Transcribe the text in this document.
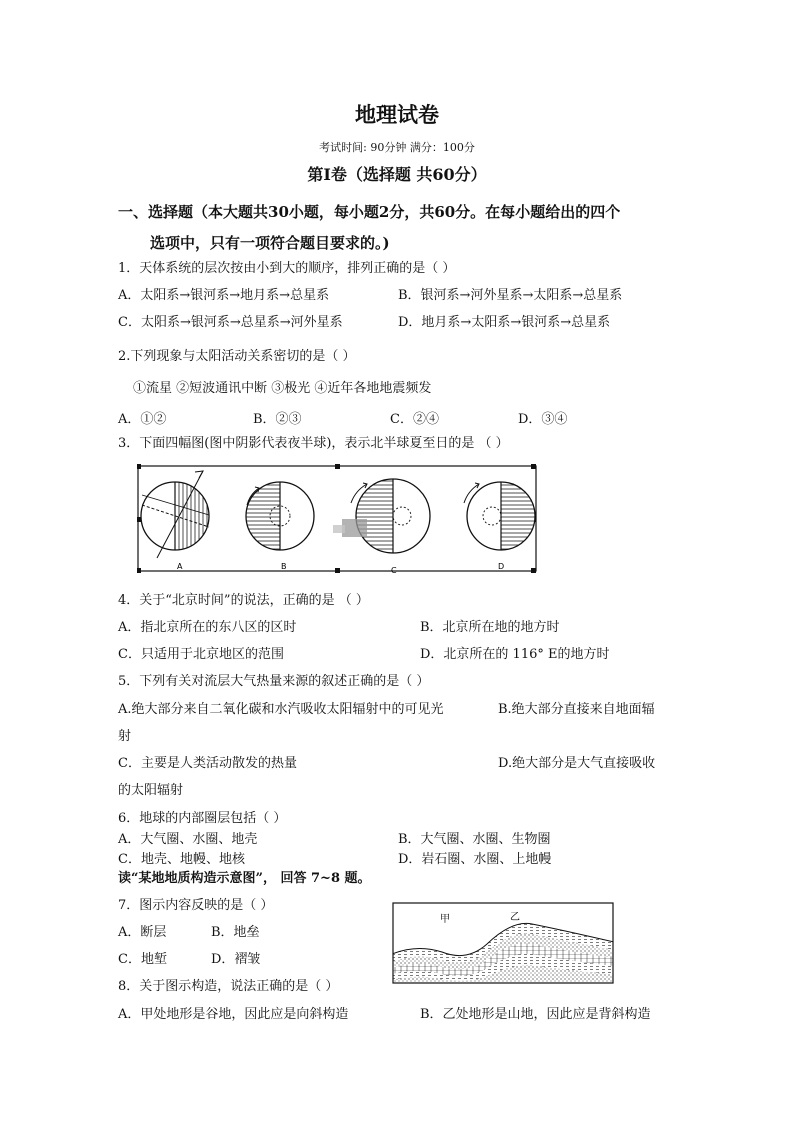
地理试卷
考试时间: 90分钟 满分：100分
第Ⅰ卷（选择题 共60分）
一、选择题（本大题共30小题，每小题2分，共60分。在每小题给出的四个
选项中，只有一项符合题目要求的。)
1．天体系统的层次按由小到大的顺序，排列正确的是（ ）
A．太阳系→银河系→地月系→总星系	B．银河系→河外星系→太阳系→总星系
C．太阳系→银河系→总星系→河外星系	D．地月系→太阳系→银河系→总星系
2.下列现象与太阳活动关系密切的是（ ）
①流星 ②短波通讯中断 ③极光 ④近年各地地震频发
A．①②	B．②③	C．②④	D．③④
3．下面四幅图(图中阴影代表夜半球)，表示北半球夏至日的是 （ ）
A	B	C	D
4．关于“北京时间”的说法，正确的是 （ ）
A．指北京所在的东八区的区时	B．北京所在地的地方时
C．只适用于北京地区的范围	D．北京所在的 116° E的地方时
5．下列有关对流层大气热量来源的叙述正确的是（ ）
A.绝大部分来自二氧化碳和水汽吸收太阳辐射中的可见光	B.绝大部分直接来自地面辐
射
C．主要是人类活动散发的热量	D.绝大部分是大气直接吸收
的太阳辐射
6．地球的内部圈层包括（ ）
A．大气圈、水圈、地壳	B．大气圈、水圈、生物圈
C．地壳、地幔、地核	D．岩石圈、水圈、上地幔
读“某地地质构造示意图”， 回答 7~8 题。
7．图示内容反映的是（ ）
A．断层	B．地垒
C．地堑	D．褶皱
甲	乙
8．关于图示构造，说法正确的是（ ）
A．甲处地形是谷地，因此应是向斜构造	B．乙处地形是山地，因此应是背斜构造
